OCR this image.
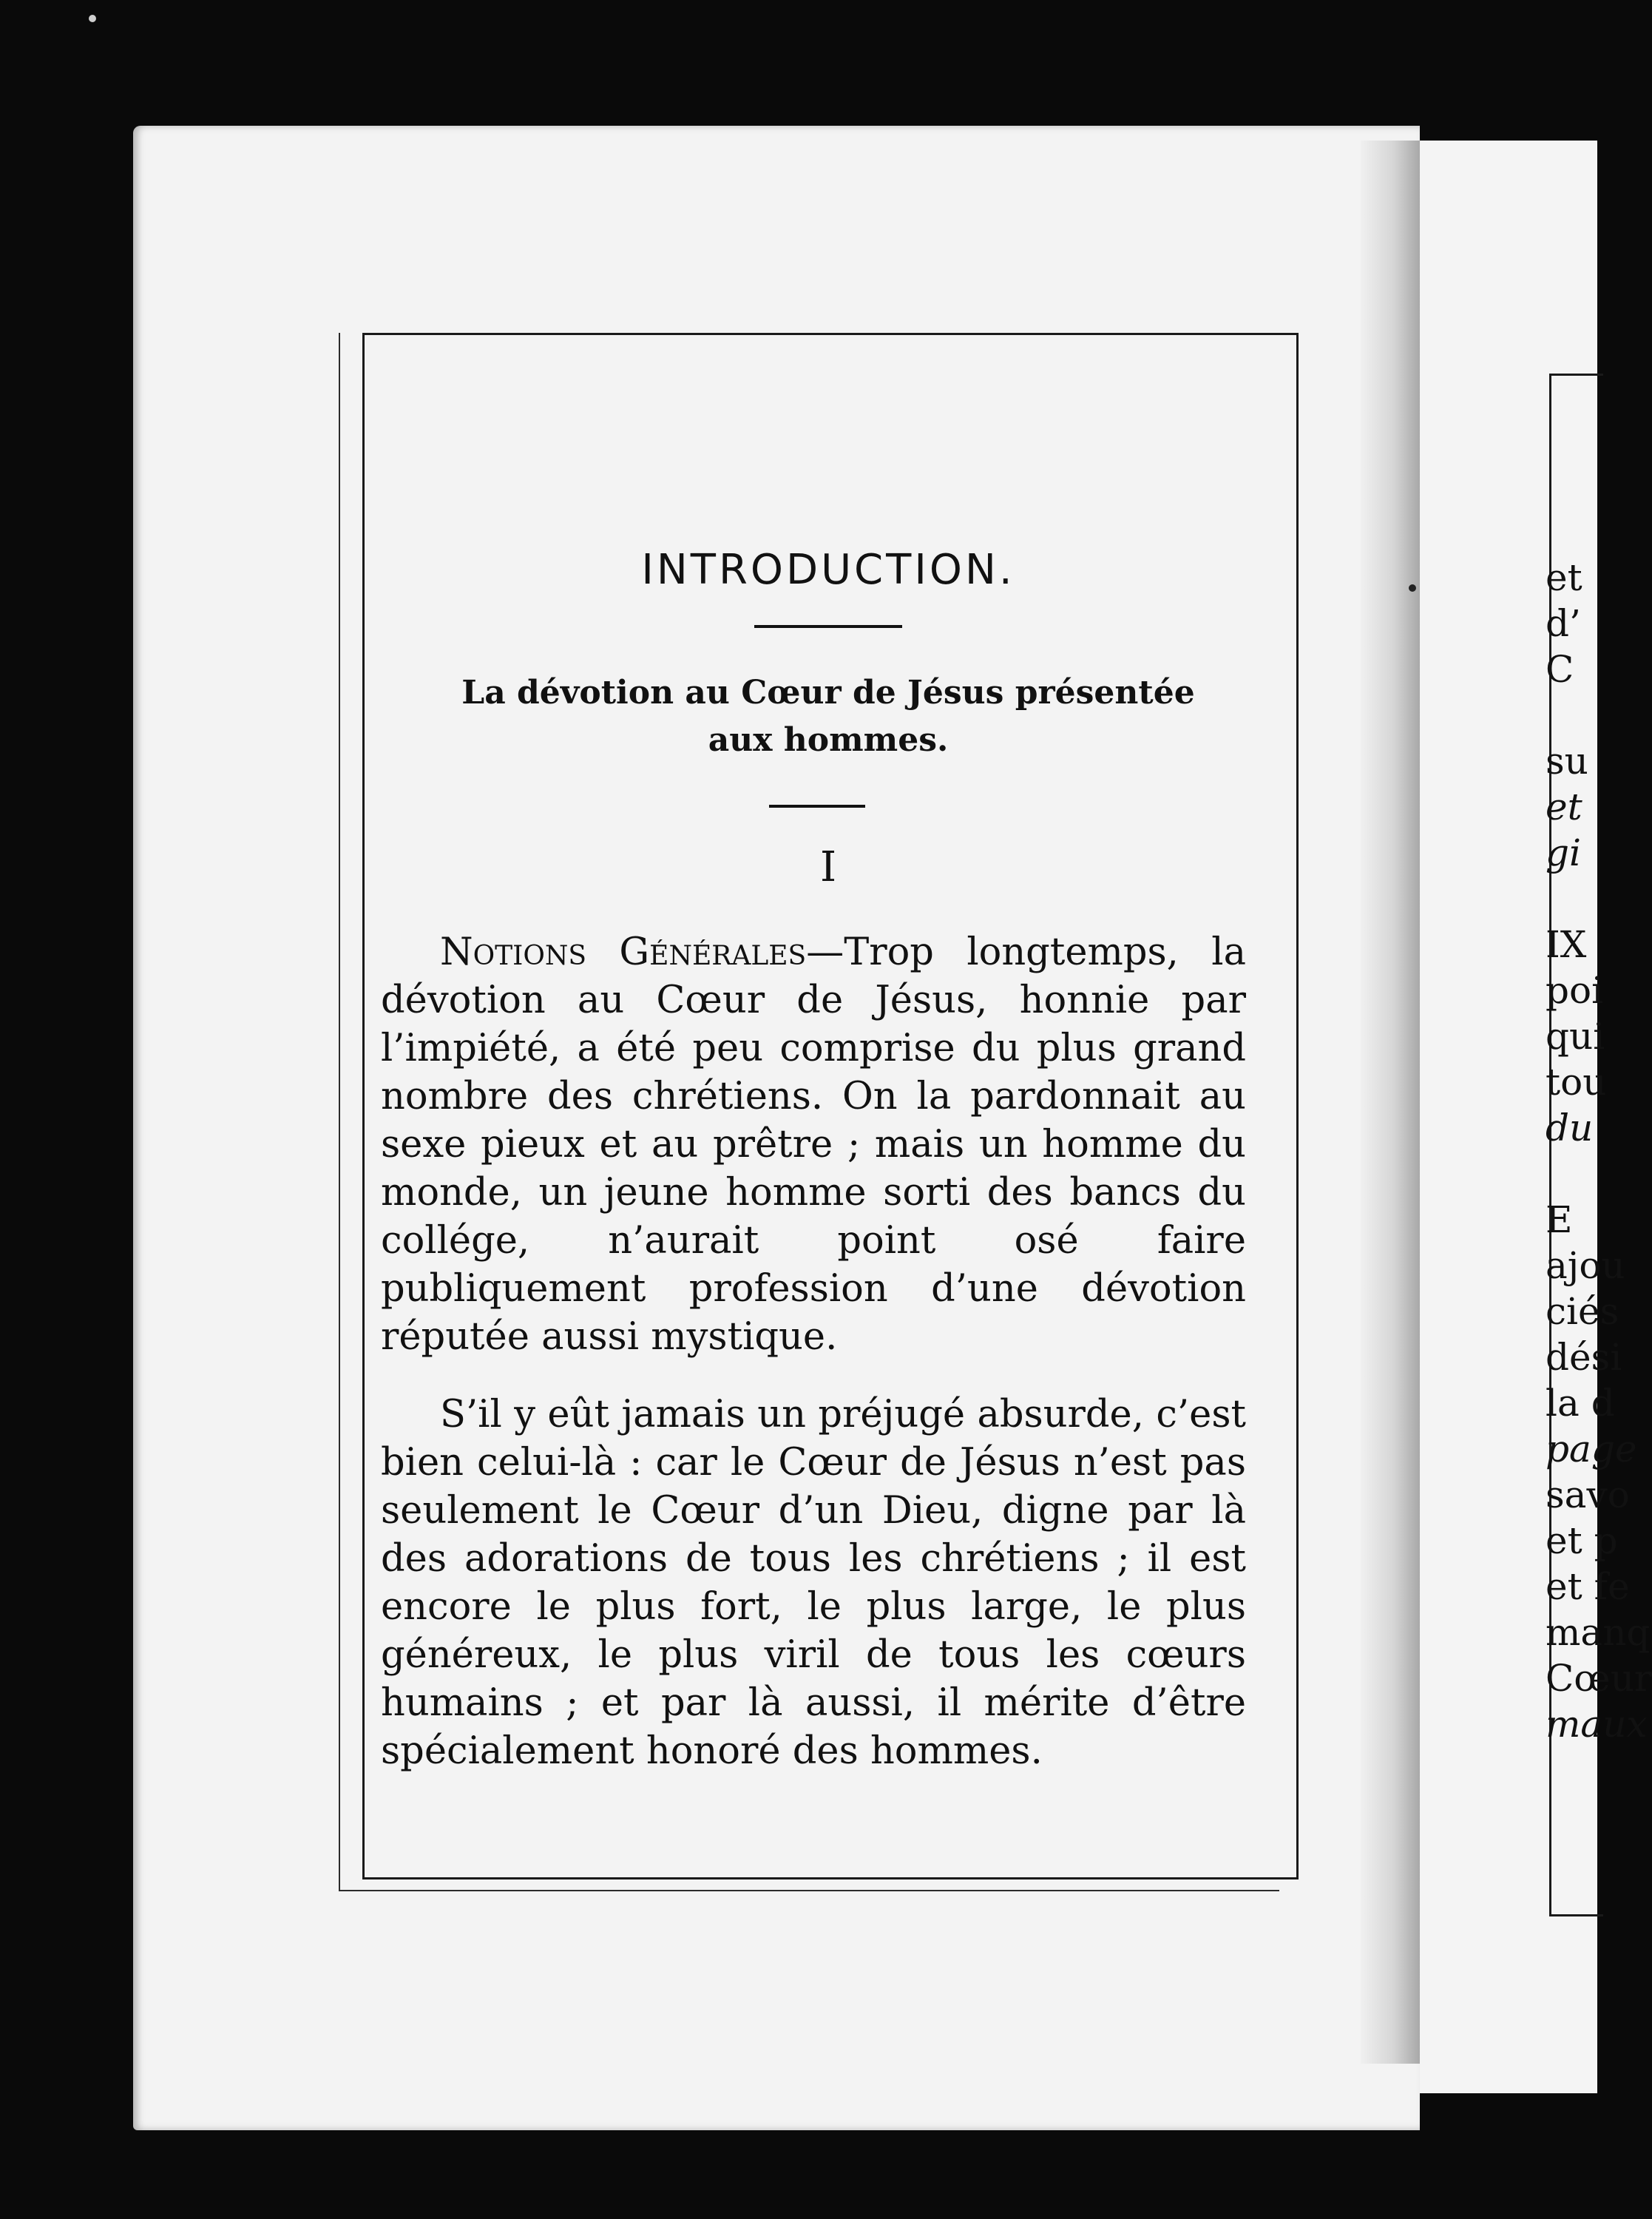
INTRODUCTION.
La dévotion au Cœur de Jésus présentée
aux hommes.
I

Notions Générales—Trop longtemps, la dévotion au Cœur de Jésus, honnie par l’impiété, a été peu comprise du plus grand nombre des chrétiens. On la pardonnait au sexe pieux et au prêtre ; mais un homme du monde, un jeune homme sorti des bancs du collége, n’aurait point osé faire publiquement profession d’une dévotion réputée aussi mystique.

S’il y eût jamais un préjugé absurde, c’est bien celui-là : car le Cœur de Jésus n’est pas seulement le Cœur d’un Dieu, digne par là des adorations de tous les chrétiens ; il est encore le plus fort, le plus large, le plus généreux, le plus viril de tous les cœurs humains ; et par là aussi, il mérite d’être spécialement honoré des hommes.

et
d’
C
su
et
gi
IX
poi
qui
tou
du
E
ajou
ciés
dési
la d
page
savo
et p
et fe
manq
Cœur
maux
